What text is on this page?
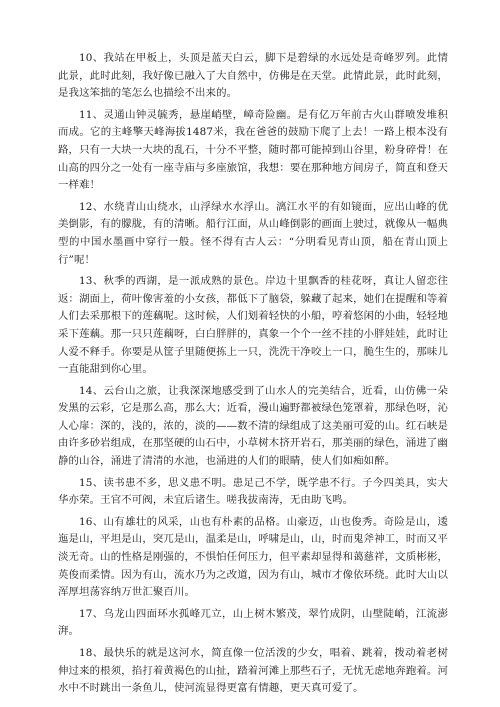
10、我站在甲板上，头顶是蓝天白云，脚下是碧绿的水远处是奇峰罗列。此情此景，此时此刻，我好像已融入了大自然中，仿佛是在天堂。此情此景，此时此刻，是我这笨拙的笔怎么也描绘不出来的。

11、灵通山钟灵毓秀，悬崖峭壁，嶂奇险幽。是有亿万年前古火山群喷发堆积而成。它的主峰擎天峰海拔1487米，我在爸爸的鼓励下爬了上去！一路上根本没有路，只有一大块一大块的乱石，十分不平整，随时都可能掉到山谷里，粉身碎骨！在山高的四分之一处有一座寺庙与多座旅馆，我想：要在那种地方间房子，简直和登天一样难！

12、水绕青山山绕水，山浮绿水水浮山。漓江水平的有如镜面，应出山峰的优美倒影，有的朦胧，有的清晰。船行江面，从山峰倒影的画面上驶过，就像从一幅典型的中国水墨画中穿行一般。怪不得有古人云：“分明看见青山顶，船在青山顶上行”呢！

13、秋季的西湖，是一派成熟的景色。岸边十里飘香的桂花呀，真让人留恋往返：湖面上，荷叶像害羞的小女孩，都低下了脑袋，躲藏了起来，她们在提醒和等着人们去采那根下的莲藕呢。这时候，人们划着轻快的小船，哼着悠闲的小曲，轻轻地采下莲藕。那一只只莲藕呀，白白胖胖的，真象一个个一丝不挂的小胖娃娃，此时让人爱不释手。你要是从筐子里随便拣上一只，洗洗干净咬上一口，脆生生的，那味儿一直能甜到你心里。

14、云台山之旅，让我深深地感受到了山水人的完美结合，近看，山仿佛一朵发黑的云彩，它是那么高，那么大；近看，漫山遍野都被绿色笼罩着，那绿色呀，沁人心扉：深的，浅的，浓的，淡的——数不清的绿组成了这美丽可爱的山。红石峡是由许多砂岩组成，在那坚硬的山石中，小草树木挤开岩石，那美丽的绿色，涌进了幽静的山谷，涌进了清清的水池，也涌进的人们的眼睛，使人们如痴如醉。

15、读书患不多，思义患不明。患足己不学，既学患不行。子今四美具，实大华亦荣。王官不可阀，未宜后诸生。嗟我拔南涛，无由助飞鸣。

16、山有雄壮的风采，山也有朴素的品格。山豪迈，山也俊秀。奇险是山，逶迤是山，平坦是山，突兀是山，温柔是山，呼啸是山，山，时而鬼斧神工，时而又平淡无奇。山的性格是刚强的，不惧怕任何压力，但平素却显得和蔼慈祥，文质彬彬，英俊而柔情。因为有山，流水乃为之改道，因为有山，城市才像依环绕。此时大山以浑厚坦荡容纳万世汇聚百川。

17、乌龙山四面环水孤峰兀立，山上树木繁茂，翠竹成阴，山壁陡峭，江流澎湃。

18、最快乐的就是这河水，简直像一位活泼的少女，唱着、跳着，拨动着老树伸过来的根须，掐打着黄褐色的山扯，踏着河滩上那些石子，无忧无虑地奔跑着。河水中不时跳出一条鱼儿，使河流显得更富有情趣，更天真可爱了。
